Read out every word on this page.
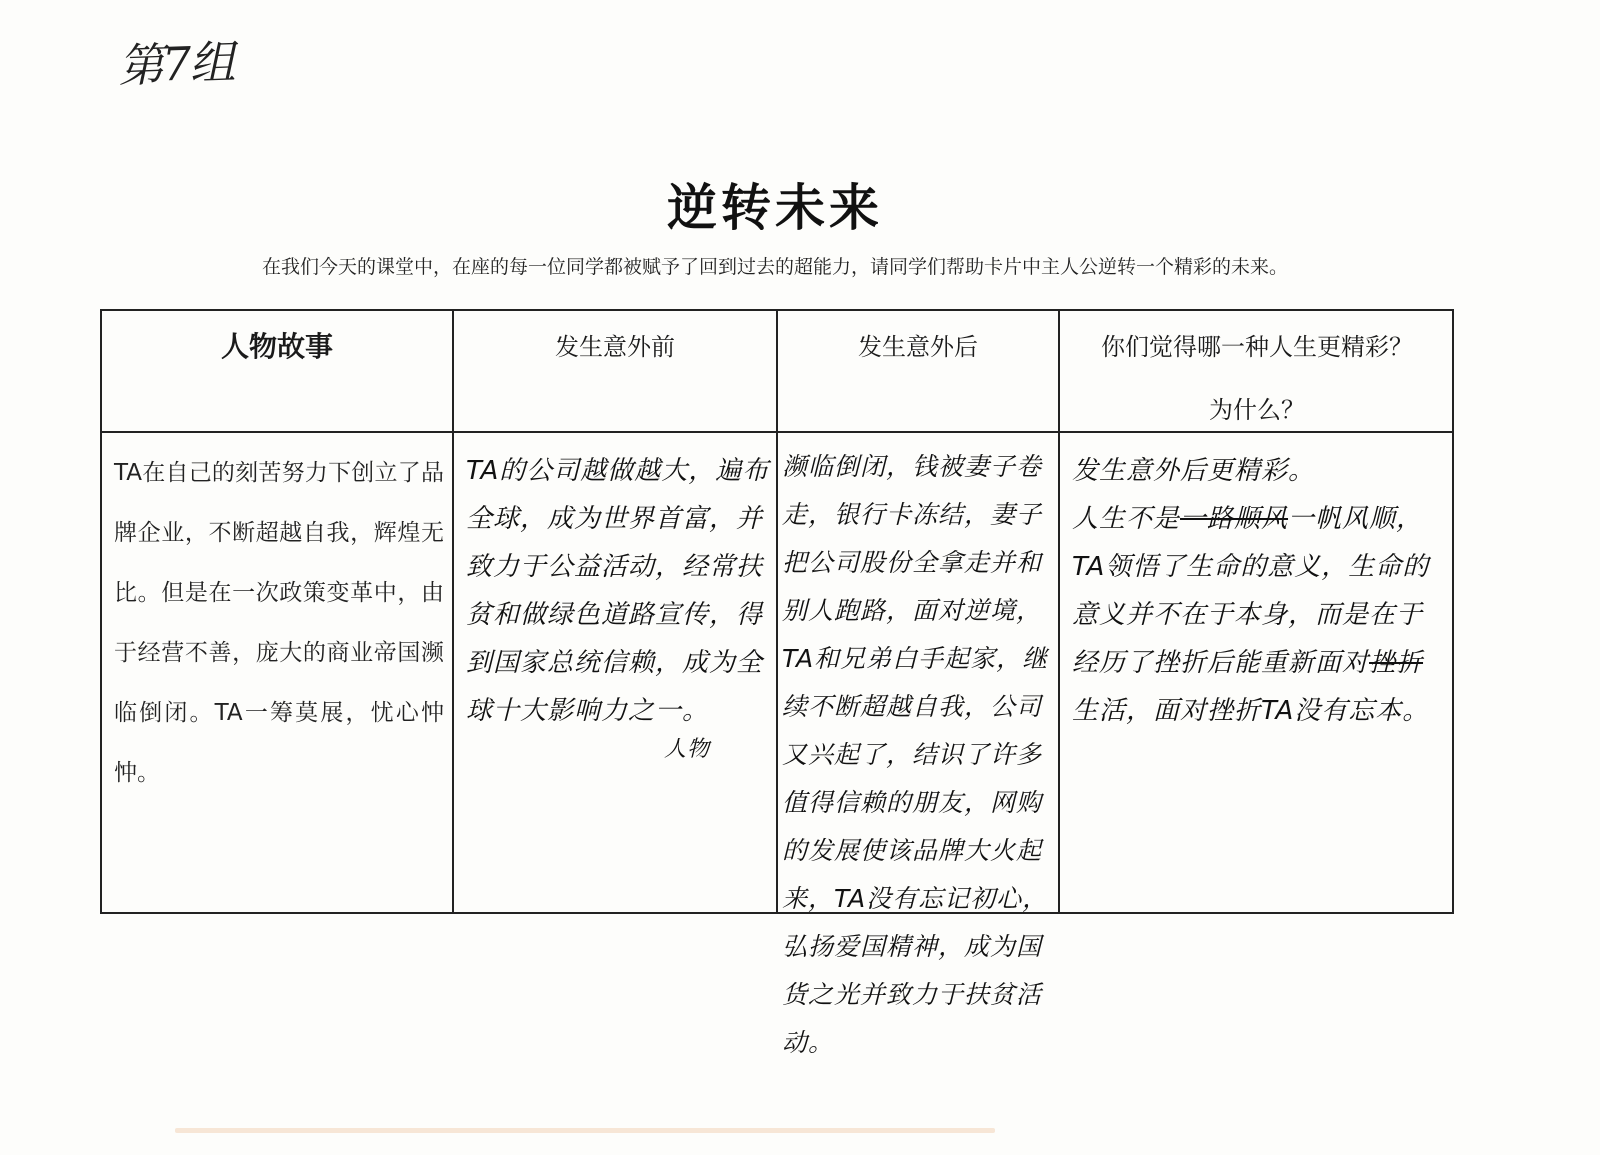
第7组
逆转未来
在我们今天的课堂中，在座的每一位同学都被赋予了回到过去的超能力，请同学们帮助卡片中主人公逆转一个精彩的未来。
人物故事
TA在自己的刻苦努力下创立了品牌企业，不断超越自我，辉煌无比。但是在一次政策变革中，由于经营不善，庞大的商业帝国濒临倒闭。TA一筹莫展，忧心忡忡。
发生意外前
TA的公司越做越大，遍布全球，成为世界首富，并致力于公益活动，经常扶贫和做绿色道路宣传，得到国家总统信赖，成为全球十大影响力之一。
人物
发生意外后
濒临倒闭，钱被妻子卷走，银行卡冻结，妻子把公司股份全拿走并和别人跑路，面对逆境，TA和兄弟白手起家，继续不断超越自我，公司又兴起了，结识了许多值得信赖的朋友，网购的发展使该品牌大火起来，TA没有忘记初心，弘扬爱国精神，成为国货之光并致力于扶贫活动。
你们觉得哪一种人生更精彩？
为什么？
发生意外后更精彩。
人生不是一路顺风一帆风顺，TA领悟了生命的意义，生命的意义并不在于本身，而是在于经历了挫折后能重新面对挫折生活，面对挫折TA没有忘本。
